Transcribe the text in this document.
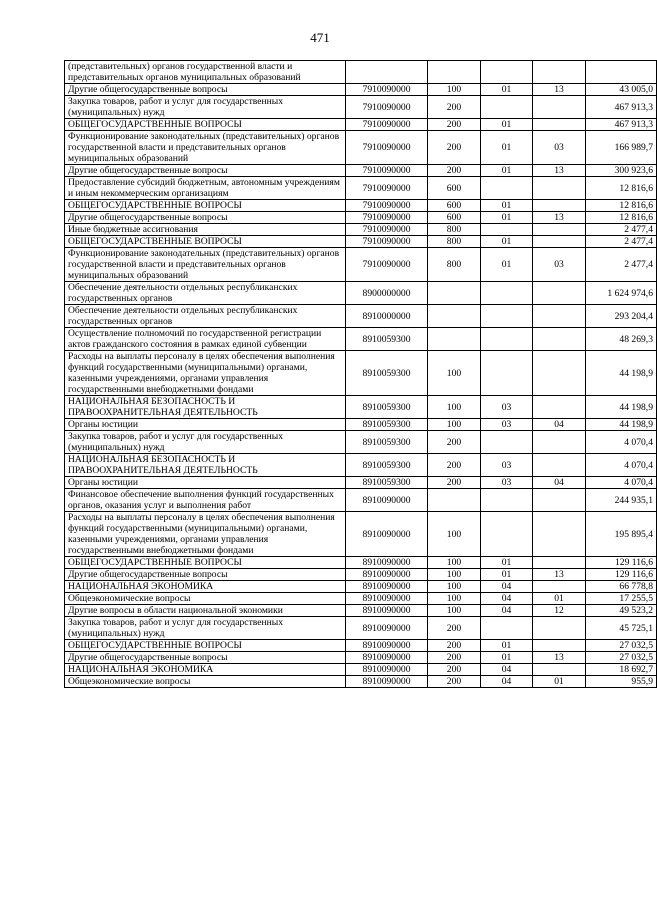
471
(представительных) органов государственной власти и представительных органов муниципальных образований					
Другие общегосударственные вопросы	7910090000	100	01	13	43 005,0
Закупка товаров, работ и услуг для государственных (муниципальных) нужд	7910090000	200			467 913,3
ОБЩЕГОСУДАРСТВЕННЫЕ ВОПРОСЫ	7910090000	200	01		467 913,3
Функционирование законодательных (представительных) органов государственной власти и представительных органов муниципальных образований	7910090000	200	01	03	166 989,7
Другие общегосударственные вопросы	7910090000	200	01	13	300 923,6
Предоставление субсидий бюджетным, автономным учреждениям и иным некоммерческим организациям	7910090000	600			12 816,6
ОБЩЕГОСУДАРСТВЕННЫЕ ВОПРОСЫ	7910090000	600	01		12 816,6
Другие общегосударственные вопросы	7910090000	600	01	13	12 816,6
Иные бюджетные ассигнования	7910090000	800			2 477,4
ОБЩЕГОСУДАРСТВЕННЫЕ ВОПРОСЫ	7910090000	800	01		2 477,4
Функционирование законодательных (представительных) органов государственной власти и представительных органов муниципальных образований	7910090000	800	01	03	2 477,4
Обеспечение деятельности отдельных республиканских государственных органов	8900000000				1 624 974,6
Обеспечение деятельности отдельных республиканских государственных органов	8910000000				293 204,4
Осуществление полномочий по государственной регистрации актов гражданского состояния в рамках единой субвенции	8910059300				48 269,3
Расходы на выплаты персоналу в целях обеспечения выполнения функций государственными (муниципальными) органами, казенными учреждениями, органами управления государственными внебюджетными фондами	8910059300	100			44 198,9
НАЦИОНАЛЬНАЯ БЕЗОПАСНОСТЬ И ПРАВООХРАНИТЕЛЬНАЯ ДЕЯТЕЛЬНОСТЬ	8910059300	100	03		44 198,9
Органы юстиции	8910059300	100	03	04	44 198,9
Закупка товаров, работ и услуг для государственных (муниципальных) нужд	8910059300	200			4 070,4
НАЦИОНАЛЬНАЯ БЕЗОПАСНОСТЬ И ПРАВООХРАНИТЕЛЬНАЯ ДЕЯТЕЛЬНОСТЬ	8910059300	200	03		4 070,4
Органы юстиции	8910059300	200	03	04	4 070,4
Финансовое обеспечение выполнения функций государственных органов, оказания услуг и выполнения работ	8910090000				244 935,1
Расходы на выплаты персоналу в целях обеспечения выполнения функций государственными (муниципальными) органами, казенными учреждениями, органами управления государственными внебюджетными фондами	8910090000	100			195 895,4
ОБЩЕГОСУДАРСТВЕННЫЕ ВОПРОСЫ	8910090000	100	01		129 116,6
Другие общегосударственные вопросы	8910090000	100	01	13	129 116,6
НАЦИОНАЛЬНАЯ ЭКОНОМИКА	8910090000	100	04		66 778,8
Общеэкономические вопросы	8910090000	100	04	01	17 255,5
Другие вопросы в области национальной экономики	8910090000	100	04	12	49 523,2
Закупка товаров, работ и услуг для государственных (муниципальных) нужд	8910090000	200			45 725,1
ОБЩЕГОСУДАРСТВЕННЫЕ ВОПРОСЫ	8910090000	200	01		27 032,5
Другие общегосударственные вопросы	8910090000	200	01	13	27 032,5
НАЦИОНАЛЬНАЯ ЭКОНОМИКА	8910090000	200	04		18 692,7
Общеэкономические вопросы	8910090000	200	04	01	955,9
